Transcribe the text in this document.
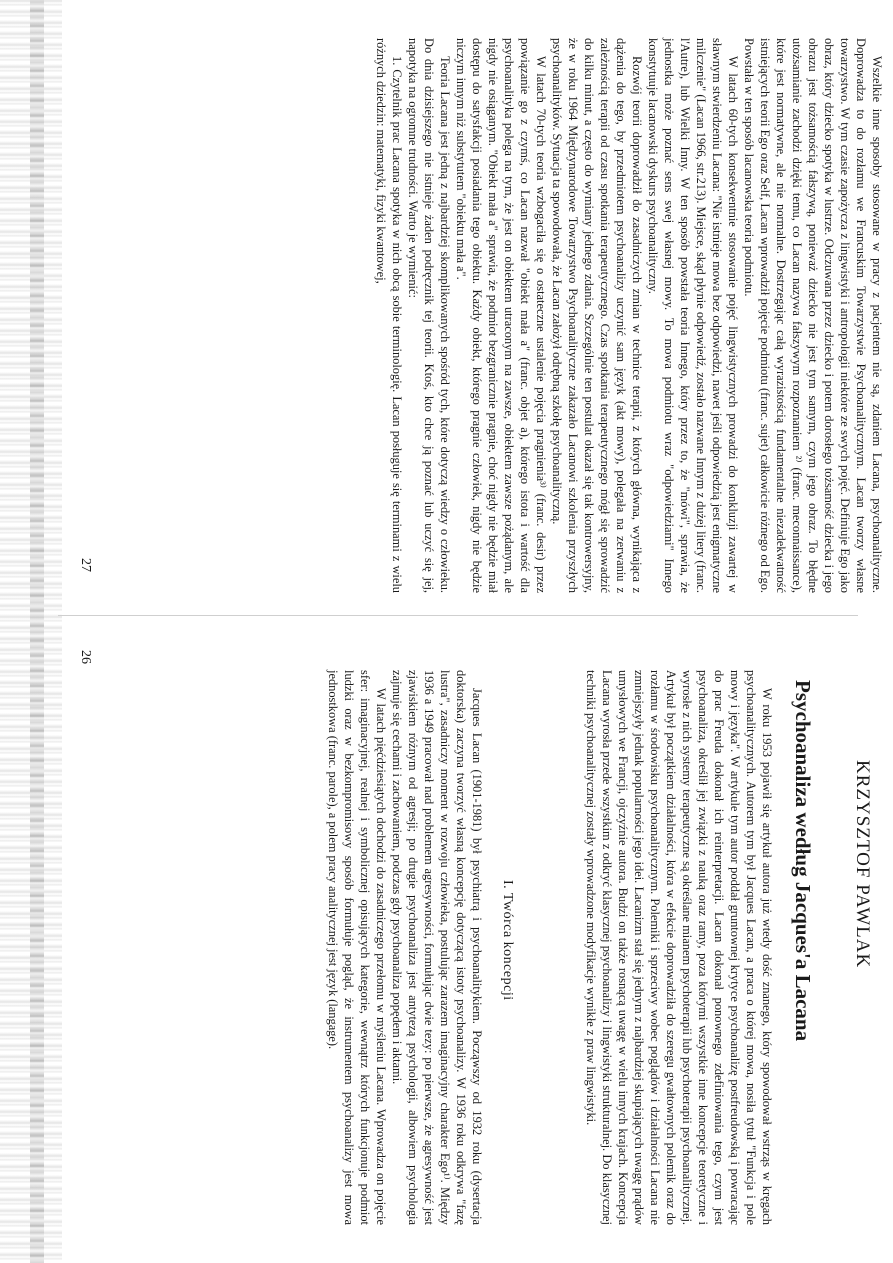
Wszelkie inne sposoby stosowane w pracy z pacjentem nie są, zdaniem Lacana, psychoanalityczne. Doprowadza to do rozłamu we Francuskim Towarzystwie Psychoanalitycznym. Lacan tworzy własne towarzystwo. W tym czasie zapożycza z lingwistyki i antropologii niektóre ze swych pojęć. Definiuje Ego jako obraz, który dziecko spotyka w lustrze. Odczuwana przez dziecko i potem dorosłego tożsamość dziecka i jego obrazu jest tożsamością fałszywą, ponieważ dziecko nie jest tym samym, czym jego obraz. To błędne utożsamianie zachodzi dzięki temu, co Lacan nazywa fałszywym rozpoznaniem ²⁾ (franc. meconnaissance), które jest normatywne, ale nie normalne. Dostrzegając całą wyrazistością fundamentalne niezadekwatność istniejących teorii Ego oraz Self, Lacan wprowadził pojęcie podmiotu (franc. sujet) całkowicie różnego od Ego. Powstała w ten sposób lacanowska teoria podmiotu.

W latach 60-tych konsekwentnie stosowanie pojęć lingwistycznych prowadzi do konkluzji zawartej w sławnym stwierdzeniu Lacana: "Nie istnieje mowa bez odpowiedzi, nawet jeśli odpowiedzią jest enigmatyczne milczenie" (Lacan 1966, str.213). Miejsce, skąd płynie odpowiedź, zostało nazwane Innym z dużej litery (franc. l'Autre), lub Wielki Inny. W ten sposób powstała teoria Innego, który przez to, że "mówi", sprawia, że jednostka może poznać sens swej własnej mowy. To mowa podmiotu wraz "odpowiedziami" Innego konstytuuje lacanowski dyskurs psychoanalityczny.

Rozwój teorii doprowadził do zasadniczych zmian w technice terapii, z których główna, wynikająca z dążenia do tego, by przedmiotem psychoanalizy uczynić sam język (akt mowy), polegała na zerwaniu z zależnością terapii od czasu spotkania terapeutycznego. Czas spotkania terapeutycznego mógł się sprowadzić do kilku minut, a często do wymiany jednego zdania. Szczególnie ten postulat okazał się tak kontrowersyjny, że w roku 1964 Międzynarodowe Towarzystwo Psychoanalityczne zakazało Lacanowi szkolenia przyszłych psychoanalityków. Sytuacja ta spowodowała, że Lacan założył odrębną szkołę psychoanalityczną.

W latach 70-tych teoria wzbogaciła się o ostateczne ustalenie pojęcia pragnienia³⁾ (franc. desir) przez powiązanie go z czymś, co Lacan nazwał "obiekt mała a" (franc. objet a), którego istota i wartość dla psychoanalityka polega na tym, że jest on obiektem utraconym na zawsze, obiektem zawsze pożądanym, ale nigdy nie osiąganym. "Obiekt mała a" sprawia, że podmiot bezgranicznie pragnie, choć nigdy nie będzie miał dostępu do satysfakcji posiadania tego obiektu. Każdy obiekt, którego pragnie człowiek, nigdy nie będzie niczym innym niż substytutem "obiektu mała a".

Teoria Lacana jest jedną z najbardziej skomplikowanych spośród tych, które dotyczą wiedzy o człowieku. Do dnia dzisiejszego nie istnieje żaden podręcznik tej teorii. Ktoś, kto chce ją poznać lub uczyć się jej, napotyka na ogromne trudności. Warto je wymienić:

1. Czytelnik prac Lacana spotyka w nich obcą sobie terminologię. Lacan posługuje się terminami z wielu różnych dziedzin: matematyki, fizyki kwantowej,

27
KRZYSZTOF PAWLAK
Psychoanaliza według Jacques'a Lacana

W roku 1953 pojawił się artykuł autora już wtedy dość znanego, który spowodował wstrząs w kręgach psychoanalitycznych. Autorem tym był Jacques Lacan, a praca o której mowa, nosiła tytuł "Funkcja i pole mowy i języka". W artykule tym autor poddał gruntownej krytyce psychoanalizę postfreudowską i powracając do prac Freuda dokonał ich reinterpretacji. Lacan dokonał ponownego zdefiniowania tego, czym jest psychoanaliza, określił jej związki z nauką oraz ramy, poza którymi wszystkie inne koncepcje teoretyczne i wyrosłe z nich systemy terapeutyczne są określane mianem psychoterapii lub psychoterapii psychoanalitycznej. Artykuł był początkiem działalności, która w efekcie doprowadziła do szeregu gwałtownych polemik oraz do rozłamu w środowisku psychoanalitycznym. Polemiki i sprzeciwy wobec poglądów i działalności Lacana nie zmniejszyły jednak popularności jego idei. Lacanizm stał się jednym z najbardziej skupiających uwagę prądów umysłowych we Francji, ojczyźnie autora. Budzi on także rosnącą uwagę w wielu innych krajach. Koncepcja Lacana wyrosła przede wszystkim z odkryć klasycznej psychoanalizy i lingwistyki strukturalnej. Do klasycznej techniki psychoanalitycznej zostały wprowadzone modyfikacje wynikłe z praw lingwistyki.

I. Twórca koncepcji

Jacques Lacan (1901-1981) był psychiatrą i psychoanalitykiem. Począwszy od 1932 roku (dysertacja doktorska) zaczyna tworzyć własną koncepcję dotyczącą istoty psychoanalizy. W 1936 roku odkrywa "fazę lustra", zasadniczy moment w rozwoju człowieka, postulując zarazem imaginacyjny charakter Ego¹⁾. Między 1936 a 1949 pracował nad problemem agresywności, formułując dwie tezy: po pierwsze, że agresywność jest zjawiskiem różnym od agresji; po drugie psychoanaliza jest antytezą psychologii, albowiem psychologia zajmuje się cechami i zachowaniem, podczas gdy psychoanaliza popędem i aktami.

W latach pięćdziesiątych dochodzi do zasadniczego przełomu w myśleniu Lacana. Wprowadza on pojęcie sfer: imaginacyjnej, realnej i symbolicznej opisujących kategorie, wewnątrz których funkcjonuje podmiot ludzki oraz w bezkompromisowy sposób formułuje pogląd, że instrumentem psychoanalizy jest mowa jednostkowa (franc. parole), a polem pracy analitycznej jest język (langage).

26
